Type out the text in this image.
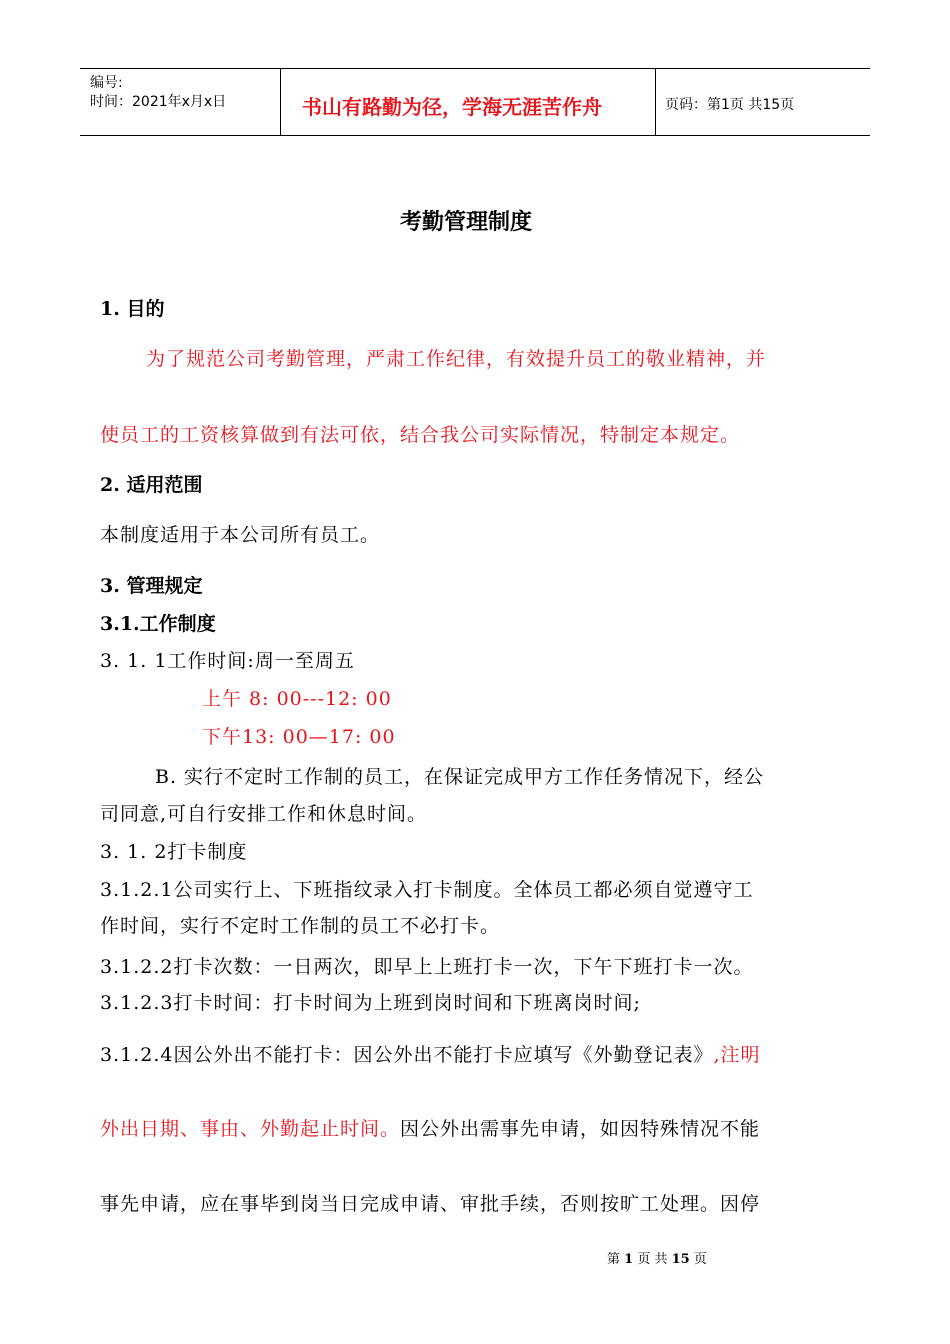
编号:
时间：2021年x月x日	书山有路勤为径，学海无涯苦作舟	页码：第1页 共15页
考勤管理制度
1. 目的
为了规范公司考勤管理，严肃工作纪律，有效提升员工的敬业精神，并
使员工的工资核算做到有法可依，结合我公司实际情况，特制定本规定。
2. 适用范围
本制度适用于本公司所有员工。
3. 管理规定
3.1.工作制度
3. 1. 1工作时间:周一至周五
上午 8: 00---12: 00
下午13: 00—17: 00
B. 实行不定时工作制的员工，在保证完成甲方工作任务情况下，经公
司同意,可自行安排工作和休息时间。
3. 1. 2打卡制度
3.1.2.1公司实行上、下班指纹录入打卡制度。全体员工都必须自觉遵守工
作时间，实行不定时工作制的员工不必打卡。
3.1.2.2打卡次数：一日两次，即早上上班打卡一次，下午下班打卡一次。
3.1.2.3打卡时间：打卡时间为上班到岗时间和下班离岗时间;
3.1.2.4因公外出不能打卡：因公外出不能打卡应填写《外勤登记表》,注明
外出日期、事由、外勤起止时间。因公外出需事先申请，如因特殊情况不能
事先申请，应在事毕到岗当日完成申请、审批手续，否则按旷工处理。因停
第 1 页 共 15 页
